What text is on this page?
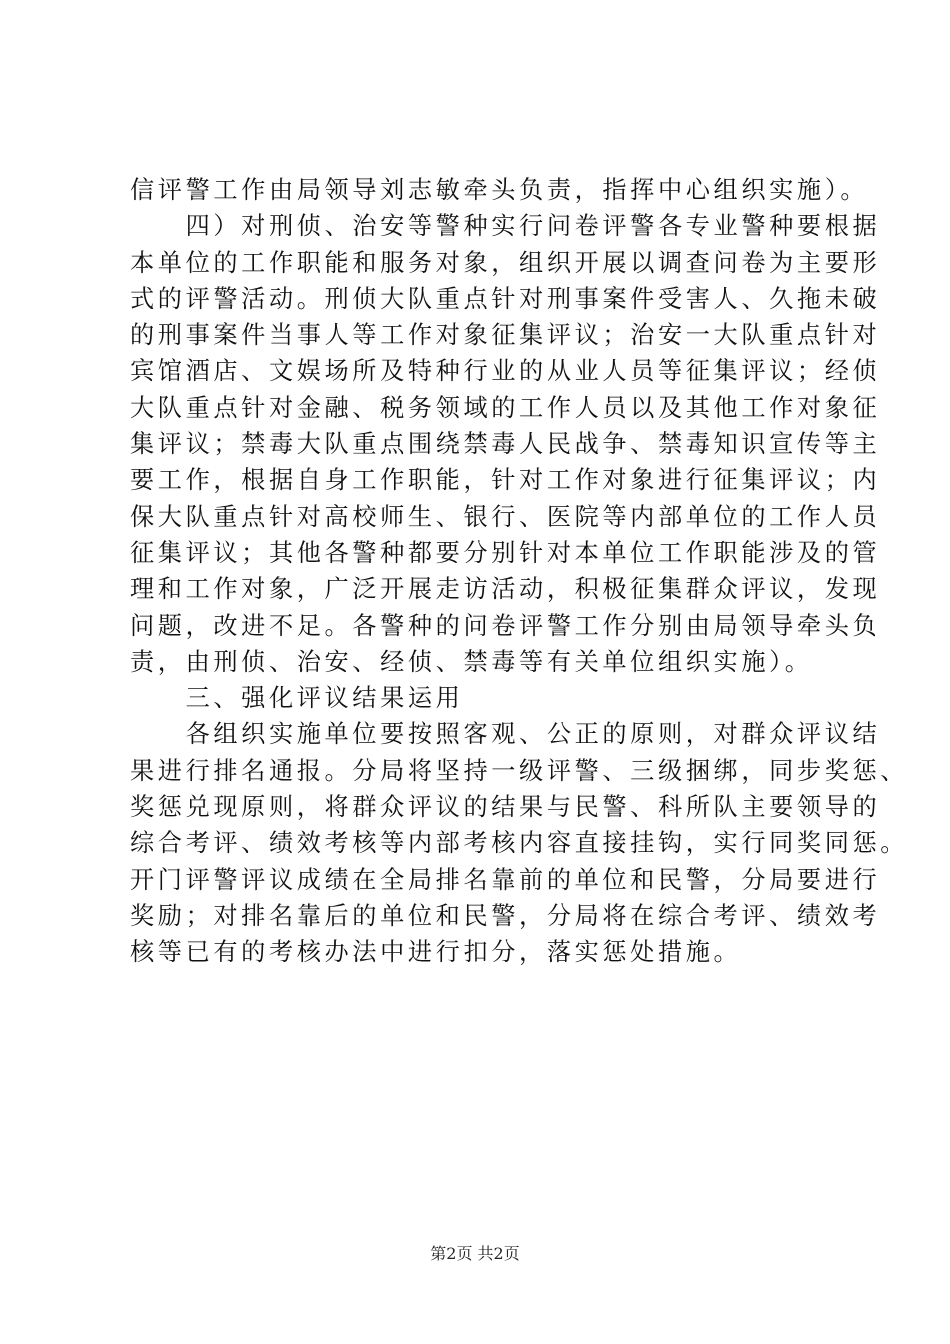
信评警工作由局领导刘志敏牵头负责，指挥中心组织实施）。
　　四）对刑侦、治安等警种实行问卷评警各专业警种要根据
本单位的工作职能和服务对象，组织开展以调查问卷为主要形
式的评警活动。刑侦大队重点针对刑事案件受害人、久拖未破
的刑事案件当事人等工作对象征集评议；治安一大队重点针对
宾馆酒店、文娱场所及特种行业的从业人员等征集评议；经侦
大队重点针对金融、税务领域的工作人员以及其他工作对象征
集评议；禁毒大队重点围绕禁毒人民战争、禁毒知识宣传等主
要工作，根据自身工作职能，针对工作对象进行征集评议；内
保大队重点针对高校师生、银行、医院等内部单位的工作人员
征集评议；其他各警种都要分别针对本单位工作职能涉及的管
理和工作对象，广泛开展走访活动，积极征集群众评议，发现
问题，改进不足。各警种的问卷评警工作分别由局领导牵头负
责，由刑侦、治安、经侦、禁毒等有关单位组织实施）。
　　三、强化评议结果运用
　　各组织实施单位要按照客观、公正的原则，对群众评议结
果进行排名通报。分局将坚持一级评警、三级捆绑，同步奖惩、
奖惩兑现原则，将群众评议的结果与民警、科所队主要领导的
综合考评、绩效考核等内部考核内容直接挂钩，实行同奖同惩。
开门评警评议成绩在全局排名靠前的单位和民警，分局要进行
奖励；对排名靠后的单位和民警，分局将在综合考评、绩效考
核等已有的考核办法中进行扣分，落实惩处措施。
第2页 共2页
